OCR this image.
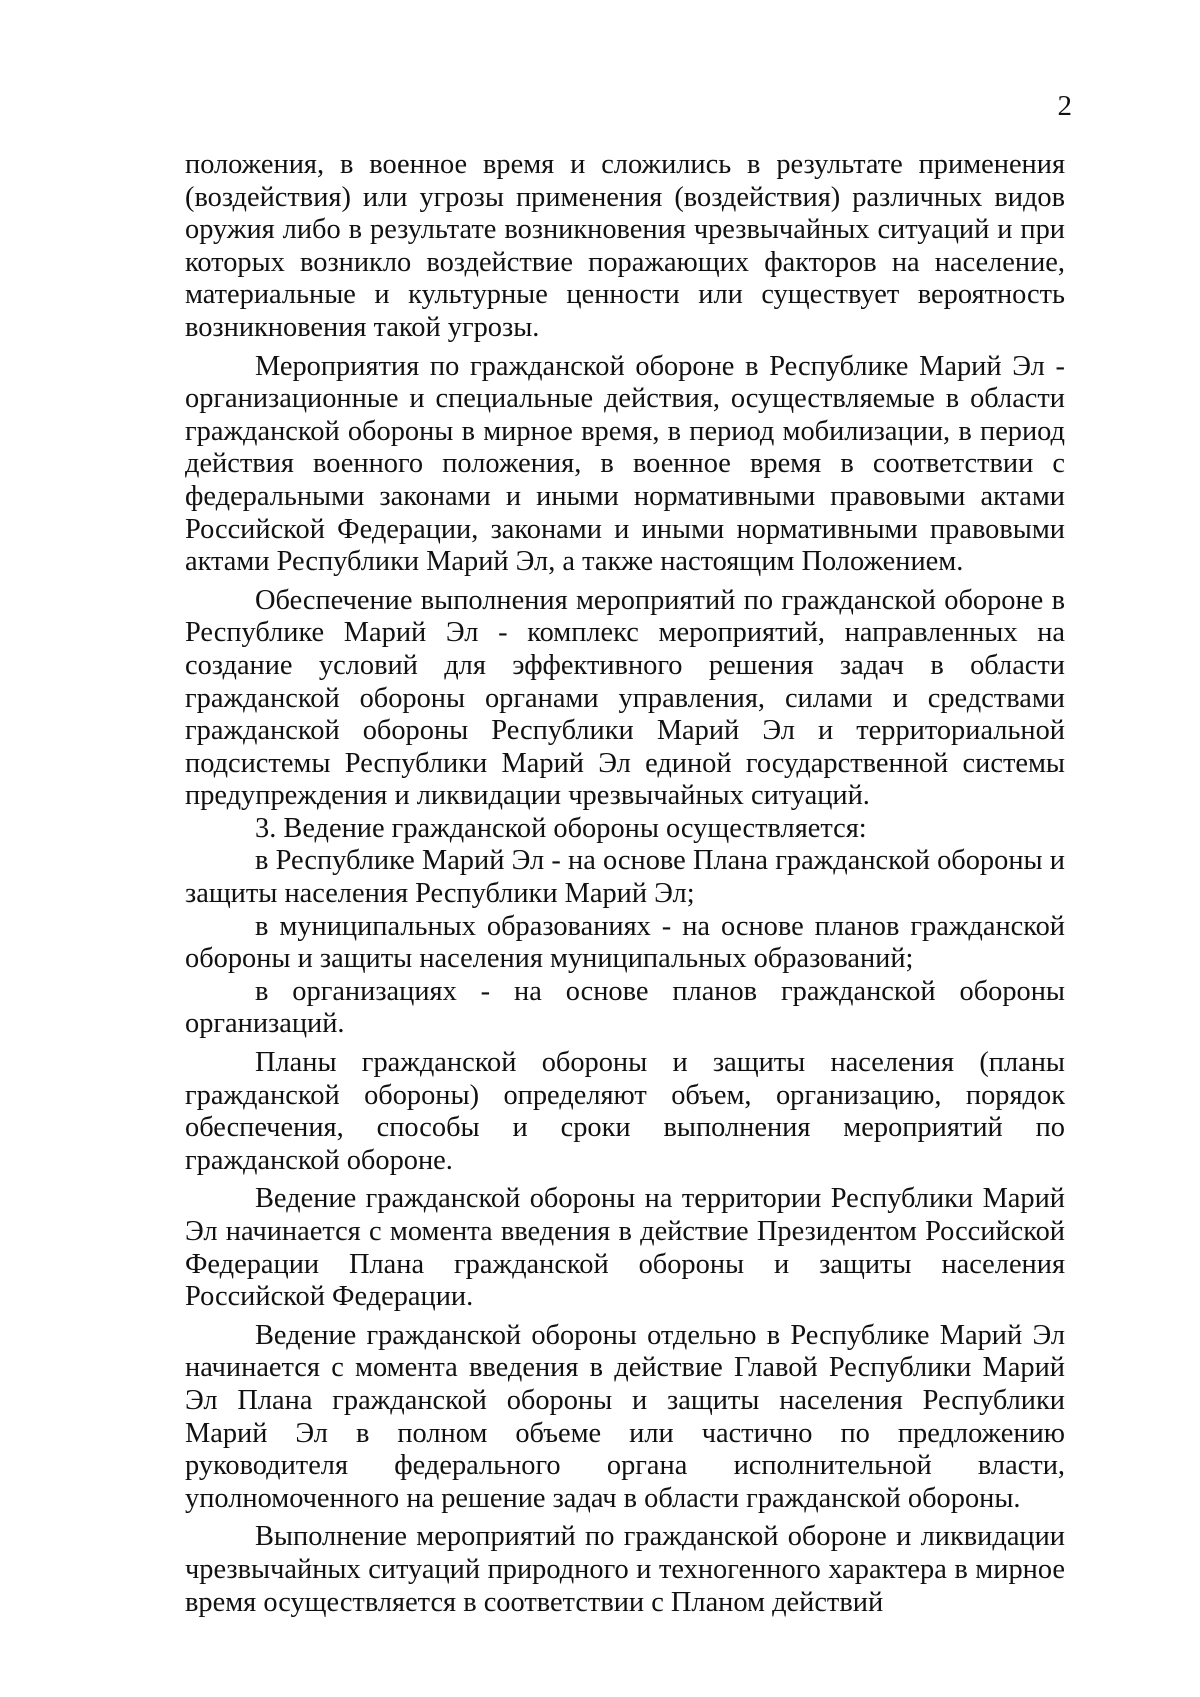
2

положения, в военное время и сложились в результате применения (воздействия) или угрозы применения (воздействия) различных видов оружия либо в результате возникновения чрезвычайных ситуаций и при которых возникло воздействие поражающих факторов на население, материальные и культурные ценности или существует вероятность возникновения такой угрозы.

Мероприятия по гражданской обороне в Республике Марий Эл - организационные и специальные действия, осуществляемые в области гражданской обороны в мирное время, в период мобилизации, в период действия военного положения, в военное время в соответствии с федеральными законами и иными нормативными правовыми актами Российской Федерации, законами и иными нормативными правовыми актами Республики Марий Эл, а также настоящим Положением.

Обеспечение выполнения мероприятий по гражданской обороне в Республике Марий Эл - комплекс мероприятий, направленных на создание условий для эффективного решения задач в области гражданской обороны органами управления, силами и средствами гражданской обороны Республики Марий Эл и территориальной подсистемы Республики Марий Эл единой государственной системы предупреждения и ликвидации чрезвычайных ситуаций.

3. Ведение гражданской обороны осуществляется:

в Республике Марий Эл - на основе Плана гражданской обороны и защиты населения Республики Марий Эл;

в муниципальных образованиях - на основе планов гражданской обороны и защиты населения муниципальных образований;

в организациях - на основе планов гражданской обороны организаций.

Планы гражданской обороны и защиты населения (планы гражданской обороны) определяют объем, организацию, порядок обеспечения, способы и сроки выполнения мероприятий по гражданской обороне.

Ведение гражданской обороны на территории Республики Марий Эл начинается с момента введения в действие Президентом Российской Федерации Плана гражданской обороны и защиты населения Российской Федерации.

Ведение гражданской обороны отдельно в Республике Марий Эл начинается с момента введения в действие Главой Республики Марий Эл Плана гражданской обороны и защиты населения Республики Марий Эл в полном объеме или частично по предложению руководителя федерального органа исполнительной власти, уполномоченного на решение задач в области гражданской обороны.

Выполнение мероприятий по гражданской обороне и ликвидации чрезвычайных ситуаций природного и техногенного характера в мирное время осуществляется в соответствии с Планом действий
